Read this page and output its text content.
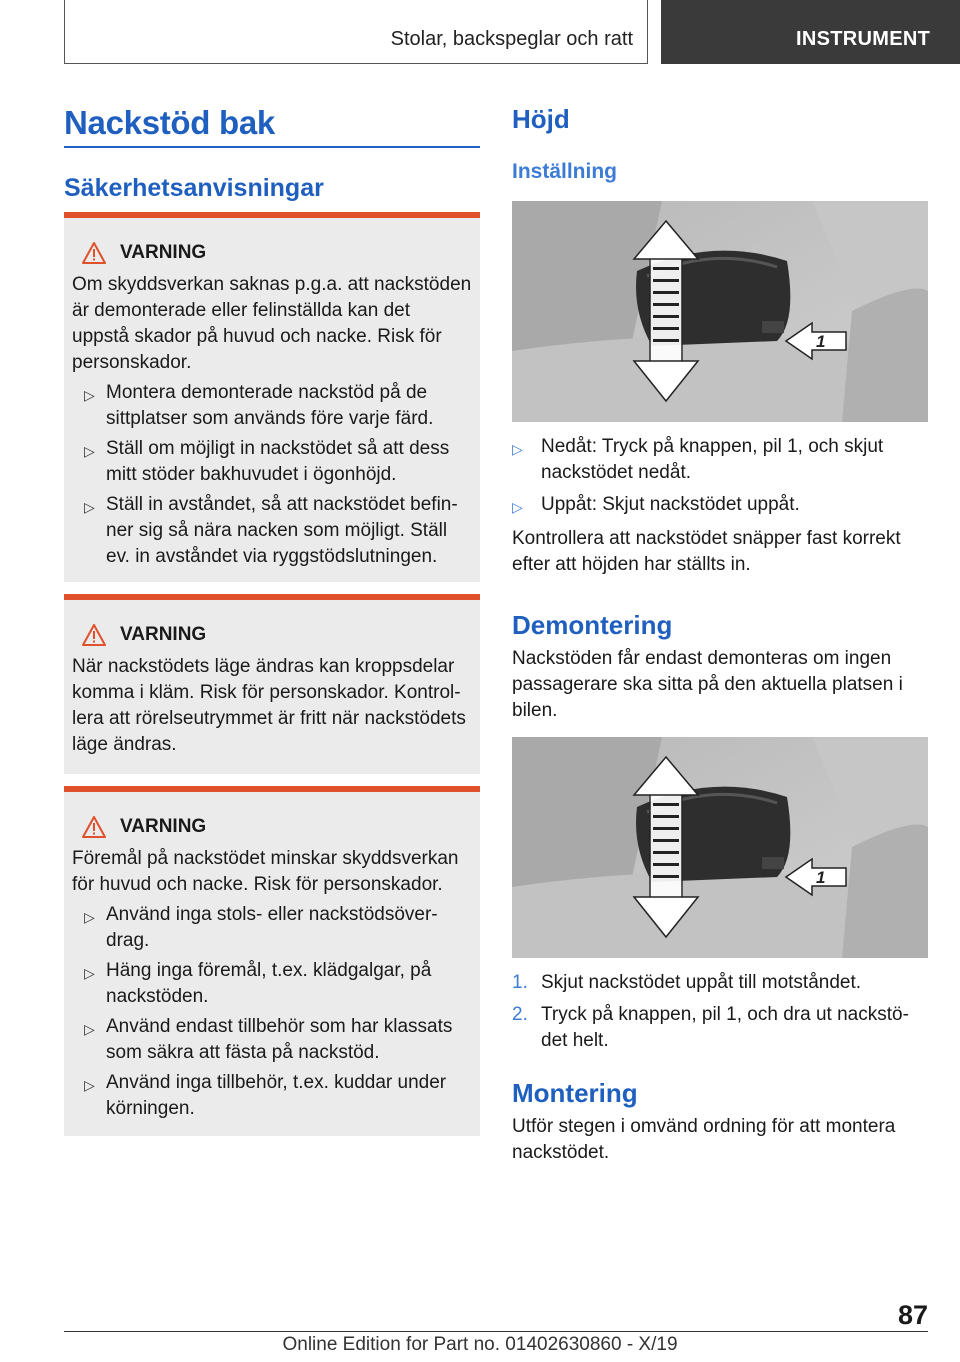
Stolar, backspeglar och ratt	INSTRUMENT
Nackstöd bak
Säkerhetsanvisningar
VARNING

Om skyddsverkan saknas p.g.a. att nackstöden är demonterade eller felinställda kan det uppstå skador på huvud och nacke. Risk för personskador.

▷ Montera demonterade nackstöd på de sittplatser som används före varje färd.
▷ Ställ om möjligt in nackstödet så att dess mitt stöder bakhuvudet i ögonhöjd.
▷ Ställ in avståndet, så att nackstödet befinner sig så nära nacken som möjligt. Ställ ev. in avståndet via ryggstödslutningen.
VARNING

När nackstödets läge ändras kan kroppsdelar komma i kläm. Risk för personskador. Kontrollera att rörelseutrymmet är fritt när nackstödets läge ändras.

VARNING

Föremål på nackstödet minskar skyddsverkan för huvud och nacke. Risk för personskador.

▷ Använd inga stols- eller nackstödsöverdrag.
▷ Häng inga föremål, t.ex. klädgalgar, på nackstöden.
▷ Använd endast tillbehör som har klassats som säkra att fästa på nackstöd.
▷ Använd inga tillbehör, t.ex. kuddar under körningen.
Höjd
Inställning
1
▷ Nedåt: Tryck på knappen, pil 1, och skjut nackstödet nedåt.
▷ Uppåt: Skjut nackstödet uppåt.
Kontrollera att nackstödet snäpper fast korrekt efter att höjden har ställts in.
Demontering
Nackstöden får endast demonteras om ingen passagerare ska sitta på den aktuella platsen i bilen.
1
1. Skjut nackstödet uppåt till motståndet.
2. Tryck på knappen, pil 1, och dra ut nackstödet helt.
Montering
Utför stegen i omvänd ordning för att montera nackstödet.
87
Online Edition for Part no. 01402630860 - X/19
